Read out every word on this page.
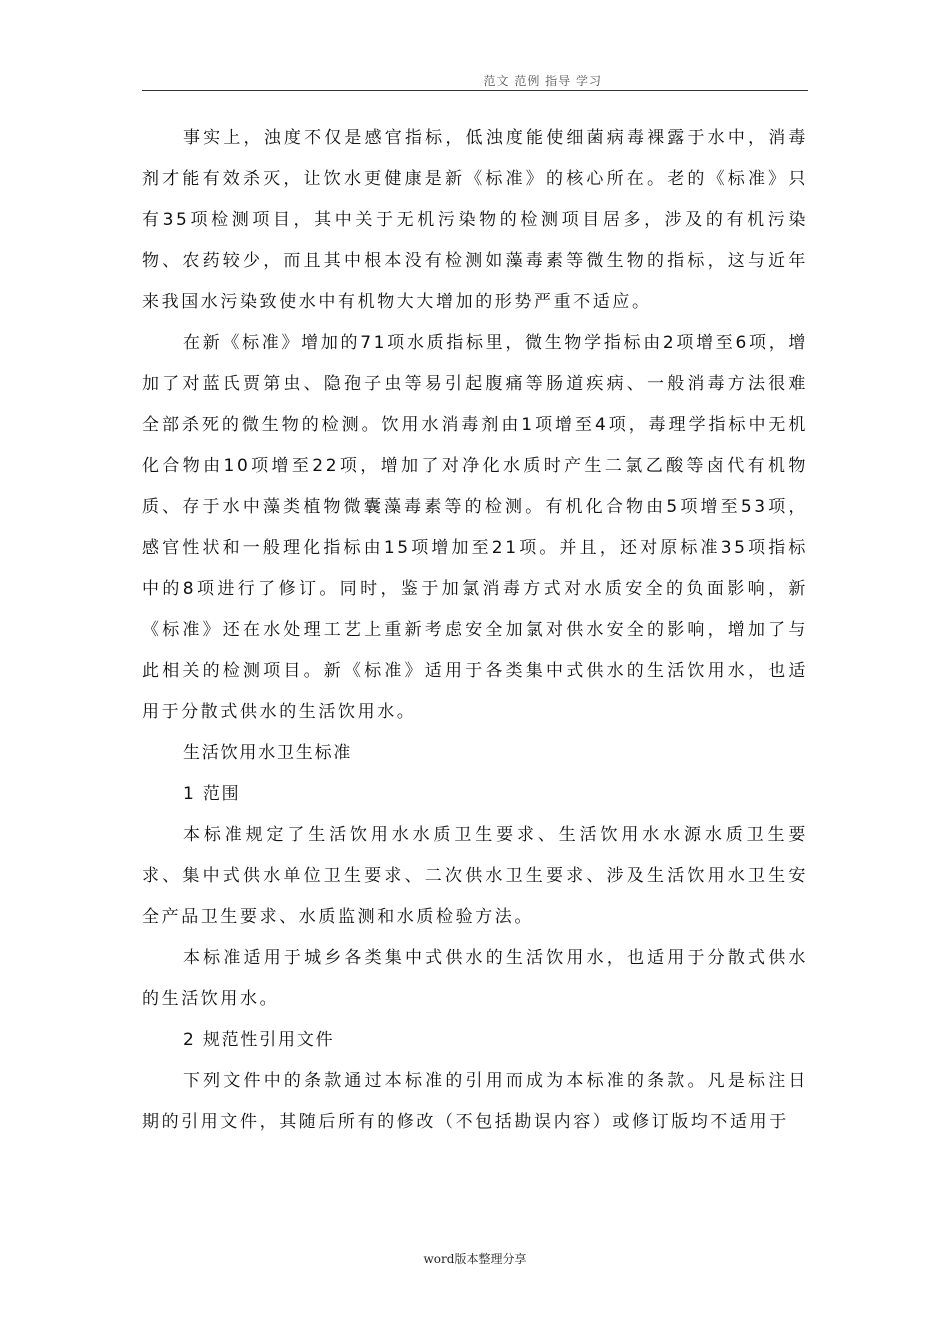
范文 范例 指导 学习

事实上，浊度不仅是感官指标，低浊度能使细菌病毒裸露于水中，消毒剂才能有效杀灭，让饮水更健康是新《标准》的核心所在。老的《标准》只有35项检测项目，其中关于无机污染物的检测项目居多，涉及的有机污染物、农药较少，而且其中根本没有检测如藻毒素等微生物的指标，这与近年来我国水污染致使水中有机物大大增加的形势严重不适应。

在新《标准》增加的71项水质指标里，微生物学指标由2项增至6项，增加了对蓝氏贾第虫、隐孢子虫等易引起腹痛等肠道疾病、一般消毒方法很难全部杀死的微生物的检测。饮用水消毒剂由1项增至4项，毒理学指标中无机化合物由10项增至22项，增加了对净化水质时产生二氯乙酸等卤代有机物质、存于水中藻类植物微囊藻毒素等的检测。有机化合物由5项增至53项，感官性状和一般理化指标由15项增加至21项。并且，还对原标准35项指标中的8项进行了修订。同时，鉴于加氯消毒方式对水质安全的负面影响，新《标准》还在水处理工艺上重新考虑安全加氯对供水安全的影响，增加了与此相关的检测项目。新《标准》适用于各类集中式供水的生活饮用水，也适用于分散式供水的生活饮用水。

生活饮用水卫生标准

1 范围

本标准规定了生活饮用水水质卫生要求、生活饮用水水源水质卫生要求、集中式供水单位卫生要求、二次供水卫生要求、涉及生活饮用水卫生安全产品卫生要求、水质监测和水质检验方法。

本标准适用于城乡各类集中式供水的生活饮用水，也适用于分散式供水的生活饮用水。

2 规范性引用文件

下列文件中的条款通过本标准的引用而成为本标准的条款。凡是标注日期的引用文件，其随后所有的修改（不包括勘误内容）或修订版均不适用于

word版本整理分享
